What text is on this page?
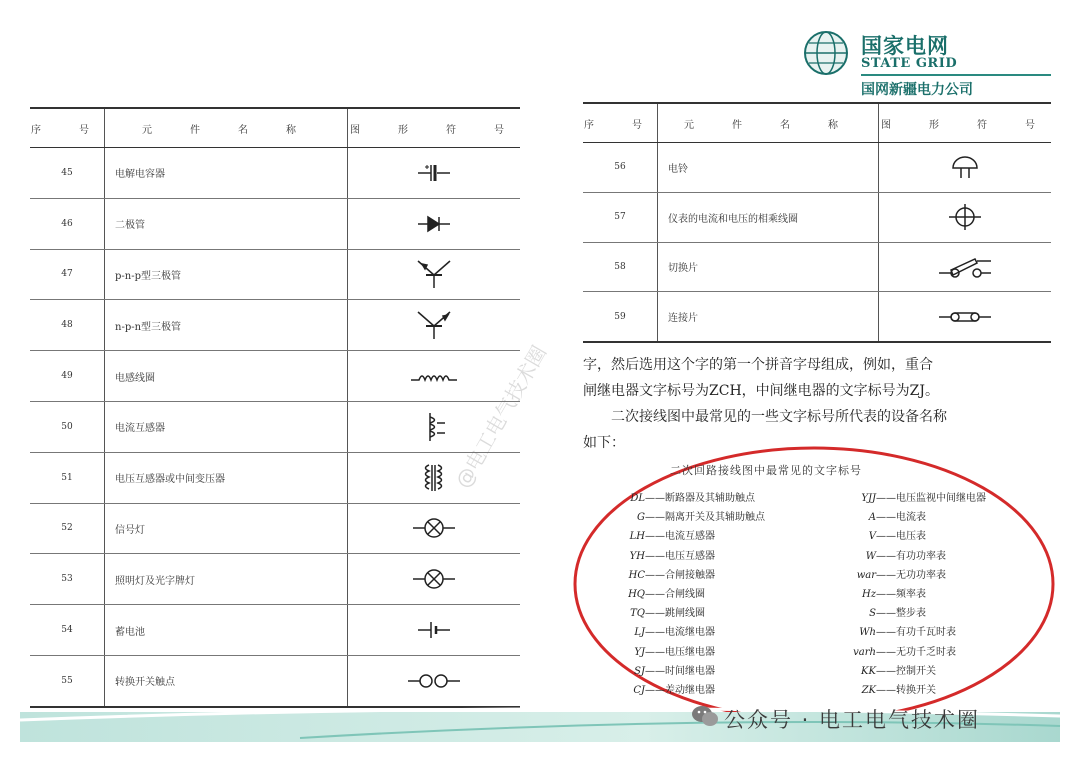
国家电网
STATE GRID
国网新疆电力公司
序　号	元　件　名　称	图　形　符　号
45	电解电容器	

46	二极管	

47	p-n-p型三极管	

48	n-p-n型三极管	

49	电感线圈	

50	电流互感器	

51	电压互感器或中间变压器	

52	信号灯	

53	照明灯及光字牌灯	

54	蓄电池	

55	转换开关触点	
序　号	元　件　名　称	图　形　符　号
56	电铃	

57	仪表的电流和电压的相乘线圈	

58	切换片	

59	连接片	

字，然后选用这个字的第一个拼音字母组成，例如，重合

闸继电器文字标号为ZCH，中间继电器的文字标号为ZJ。

二次接线图中最常见的一些文字标号所代表的设备名称

如下：

二次回路接线图中最常见的文字标号
DL——断路器及其辅助触点
G——隔离开关及其辅助触点
LH——电流互感器
YH——电压互感器
HC——合闸接触器
HQ——合闸线圈
TQ——跳闸线圈
LJ——电流继电器
YJ——电压继电器
SJ——时间继电器
CJ——差动继电器
YJJ——电压监视中间继电器
A——电流表
V——电压表
W——有功功率表
war——无功功率表
Hz——频率表
S——整步表
Wh——有功千瓦时表
varh——无功千乏时表
KK——控制开关
ZK——转换开关
@电工电气技术圈
公众号 · 电工电气技术圈
